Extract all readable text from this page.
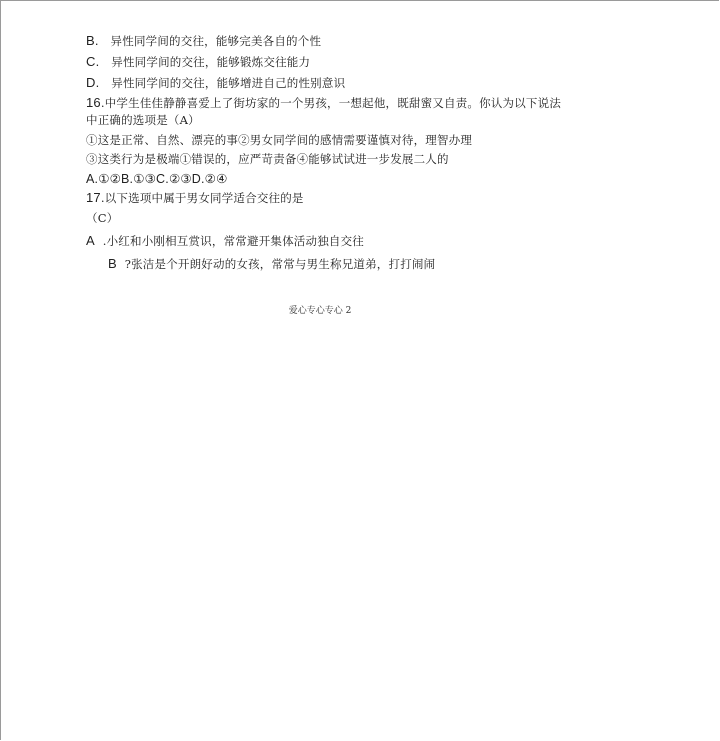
B. 异性同学间的交往，能够完美各自的个性
C. 异性同学间的交往，能够锻炼交往能力
D. 异性同学间的交往，能够增进自己的性别意识
16.中学生佳佳静静喜爱上了街坊家的一个男孩，一想起他，既甜蜜又自责。你认为以下说法
中正确的选项是（A）
①这是正常、自然、漂亮的事②男女同学间的感情需要谨慎对待，理智办理
③这类行为是极端①错误的，应严苛责备④能够试试进一步发展二人的
A.①②B.①③C.②③D.②④
17.以下选项中属于男女同学适合交往的是
（C）
A .小红和小刚相互赏识，常常避开集体活动独自交往
B ?张洁是个开朗好动的女孩，常常与男生称兄道弟，打打闹闹
爱心专心专心 2
